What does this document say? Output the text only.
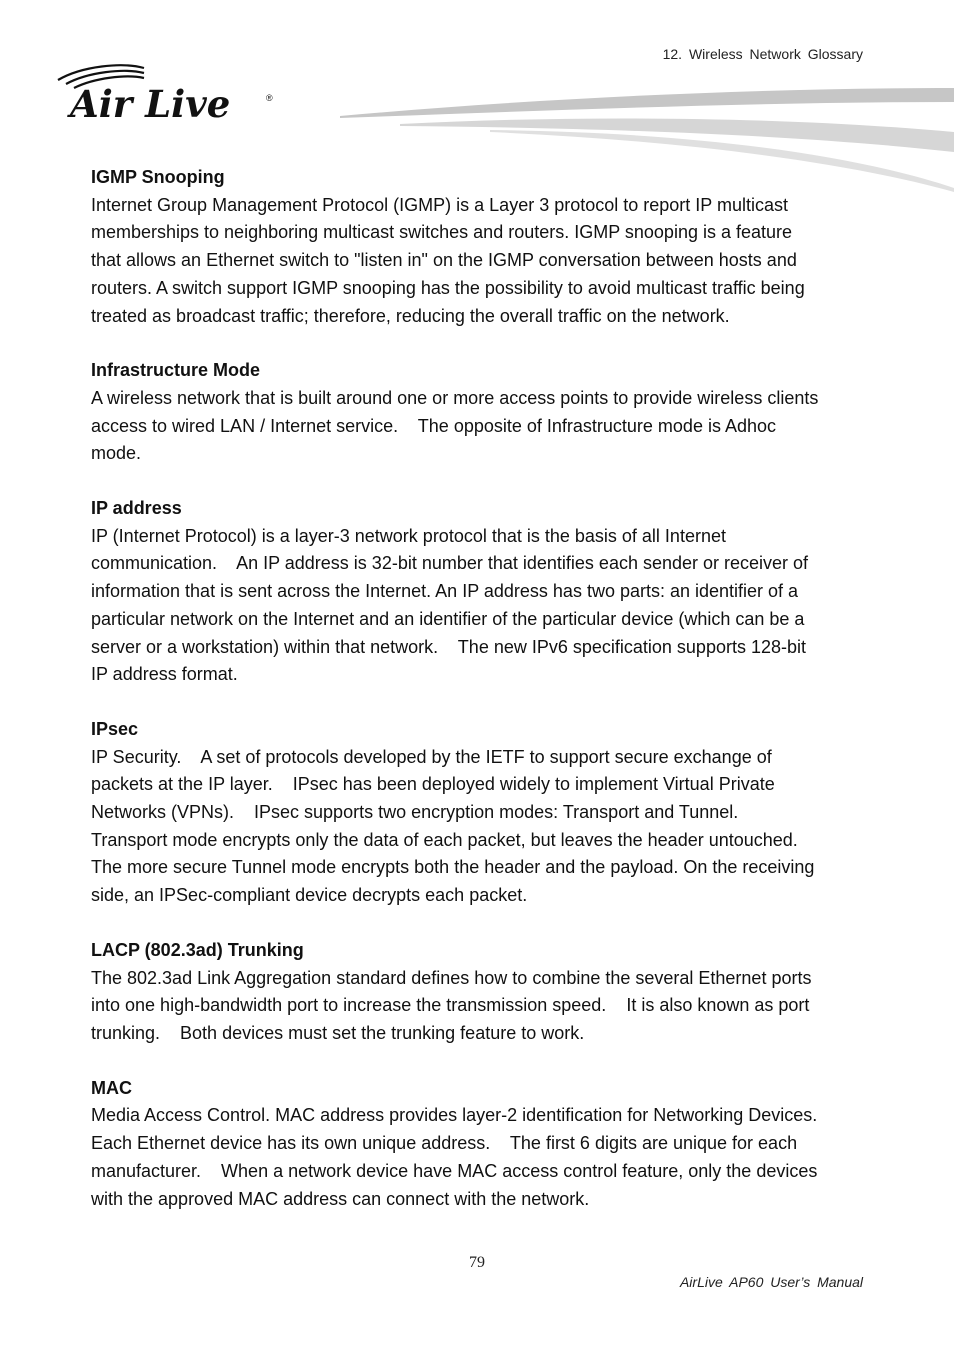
12. Wireless Network Glossary
Air Live	®

IGMP Snooping

Internet Group Management Protocol (IGMP) is a Layer 3 protocol to report IP multicast

memberships to neighboring multicast switches and routers. IGMP snooping is a feature

that allows an Ethernet switch to "listen in" on the IGMP conversation between hosts and

routers. A switch support IGMP snooping has the possibility to avoid multicast traffic being

treated as broadcast traffic; therefore, reducing the overall traffic on the network.

Infrastructure Mode

A wireless network that is built around one or more access points to provide wireless clients

access to wired LAN / Internet service.    The opposite of Infrastructure mode is Adhoc

mode.

IP address

IP (Internet Protocol) is a layer-3 network protocol that is the basis of all Internet

communication.    An IP address is 32-bit number that identifies each sender or receiver of

information that is sent across the Internet. An IP address has two parts: an identifier of a

particular network on the Internet and an identifier of the particular device (which can be a

server or a workstation) within that network.    The new IPv6 specification supports 128-bit

IP address format.

IPsec

IP Security.    A set of protocols developed by the IETF to support secure exchange of

packets at the IP layer.    IPsec has been deployed widely to implement Virtual Private

Networks (VPNs).    IPsec supports two encryption modes: Transport and Tunnel.

Transport mode encrypts only the data of each packet, but leaves the header untouched.

The more secure Tunnel mode encrypts both the header and the payload. On the receiving

side, an IPSec-compliant device decrypts each packet.

LACP (802.3ad) Trunking

The 802.3ad Link Aggregation standard defines how to combine the several Ethernet ports

into one high-bandwidth port to increase the transmission speed.    It is also known as port

trunking.    Both devices must set the trunking feature to work.

MAC

Media Access Control. MAC address provides layer-2 identification for Networking Devices.

Each Ethernet device has its own unique address.    The first 6 digits are unique for each

manufacturer.    When a network device have MAC access control feature, only the devices

with the approved MAC address can connect with the network.

79
AirLive AP60 User’s Manual
